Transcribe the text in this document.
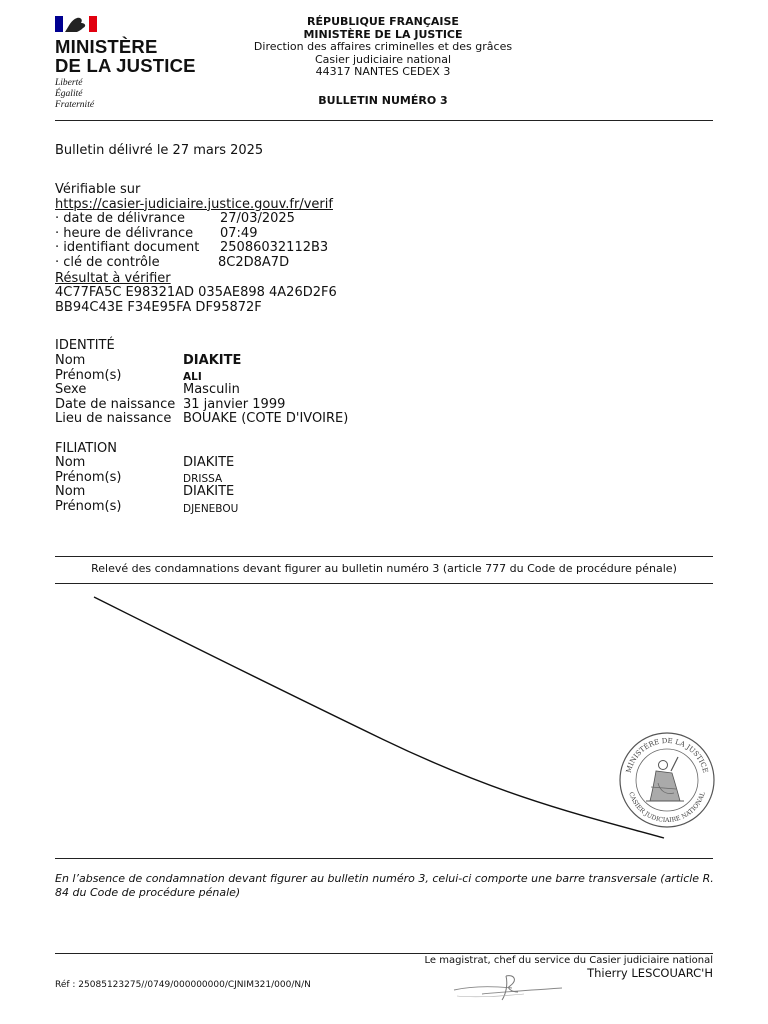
MINISTÈRE
DE LA JUSTICE
Liberté
Égalité
Fraternité
RÉPUBLIQUE FRANÇAISE
MINISTÈRE DE LA JUSTICE
Direction des affaires criminelles et des grâces
Casier judiciaire national
44317 NANTES CEDEX 3
BULLETIN NUMÉRO 3
Bulletin délivré le 27 mars 2025
Vérifiable sur
https://casier-judiciaire.justice.gouv.fr/verif
· date de délivrance	27/03/2025
· heure de délivrance 07:49
· identifiant document 25086032112B3
· clé de contrôle	8C2D8A7D
Résultat à vérifier
4C77FA5C E98321AD 035AE898 4A26D2F6
BB94C43E F34E95FA DF95872F
IDENTITÉ
Nom	DIAKITE
Prénom(s)	ALI
Sexe	Masculin
Date de naissance 31 janvier 1999
Lieu de naissance BOUAKE (COTE D'IVOIRE)
FILIATION
Nom	DIAKITE
Prénom(s)	DRISSA
Nom	DIAKITE
Prénom(s)	DJENEBOU
Relevé des condamnations devant figurer au bulletin numéro 3 (article 777 du Code de procédure pénale)
MINISTÈRE DE LA JUSTICE
CASIER JUDICIAIRE NATIONAL
En l’absence de condamnation devant figurer au bulletin numéro 3, celui-ci comporte une barre transversale (article R. 84 du Code de procédure pénale)
Le magistrat, chef du service du Casier judiciaire national
Thierry LESCOUARC'H
Réf : 25085123275//0749/000000000/CJNIM321/000/N/N
